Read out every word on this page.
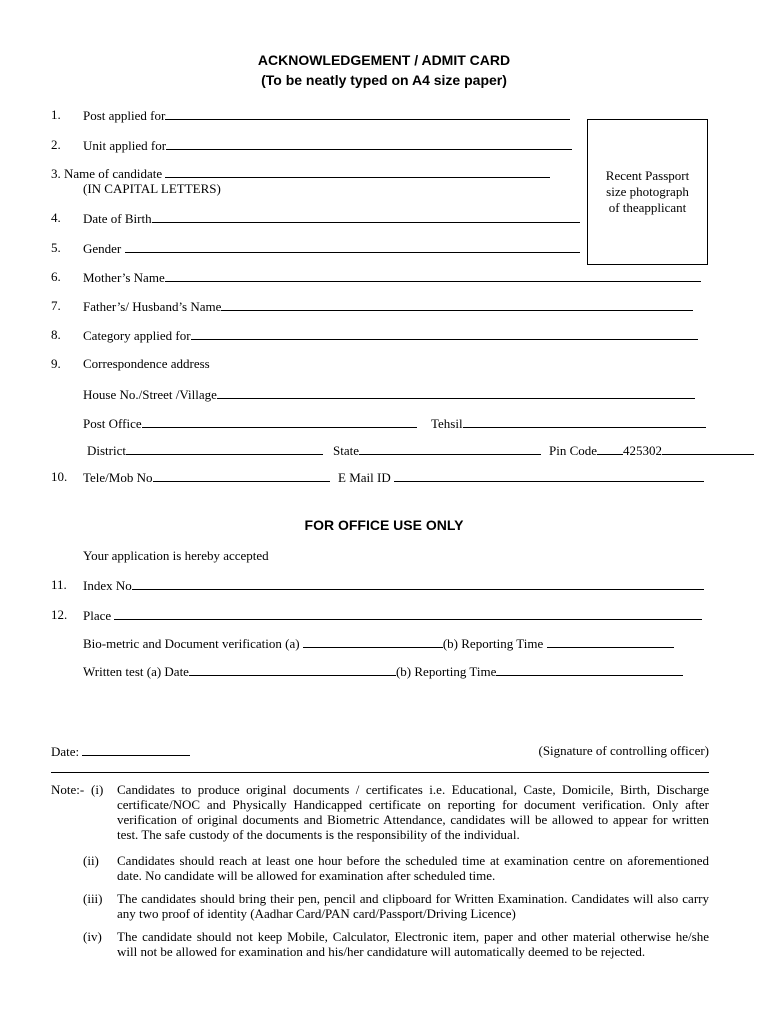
ACKNOWLEDGEMENT / ADMIT CARD
(To be neatly typed on A4 size paper)
Recent Passport
size photograph
of theapplicant
1. Post applied for
2. Unit applied for
3. Name of candidate
(IN CAPITAL LETTERS)
4. Date of Birth
5. Gender
6. Mother’s Name
7. Father’s/ Husband’s Name
8. Category applied for
9. Correspondence address
House No./Street /Village
Post Office	Tehsil
District	State	Pin Code 425302
10. Tele/Mob No	E Mail ID
FOR OFFICE USE ONLY
Your application is hereby accepted
11. Index No
12. Place
Bio-metric and Document verification (a)	(b) Reporting Time
Written test (a) Date	(b) Reporting Time
Date:	(Signature of controlling officer)
Note:- (i) Candidates to produce original documents / certificates i.e. Educational, Caste, Domicile, Birth, Discharge certificate/NOC and Physically Handicapped certificate on reporting for document verification. Only after verification of original documents and Biometric Attendance, candidates will be allowed to appear for written test. The safe custody of the documents is the responsibility of the individual.
(ii) Candidates should reach at least one hour before the scheduled time at examination centre on aforementioned date. No candidate will be allowed for examination after scheduled time.
(iii) The candidates should bring their pen, pencil and clipboard for Written Examination. Candidates will also carry any two proof of identity (Aadhar Card/PAN card/Passport/Driving Licence)
(iv) The candidate should not keep Mobile, Calculator, Electronic item, paper and other material otherwise he/she will not be allowed for examination and his/her candidature will automatically deemed to be rejected.
